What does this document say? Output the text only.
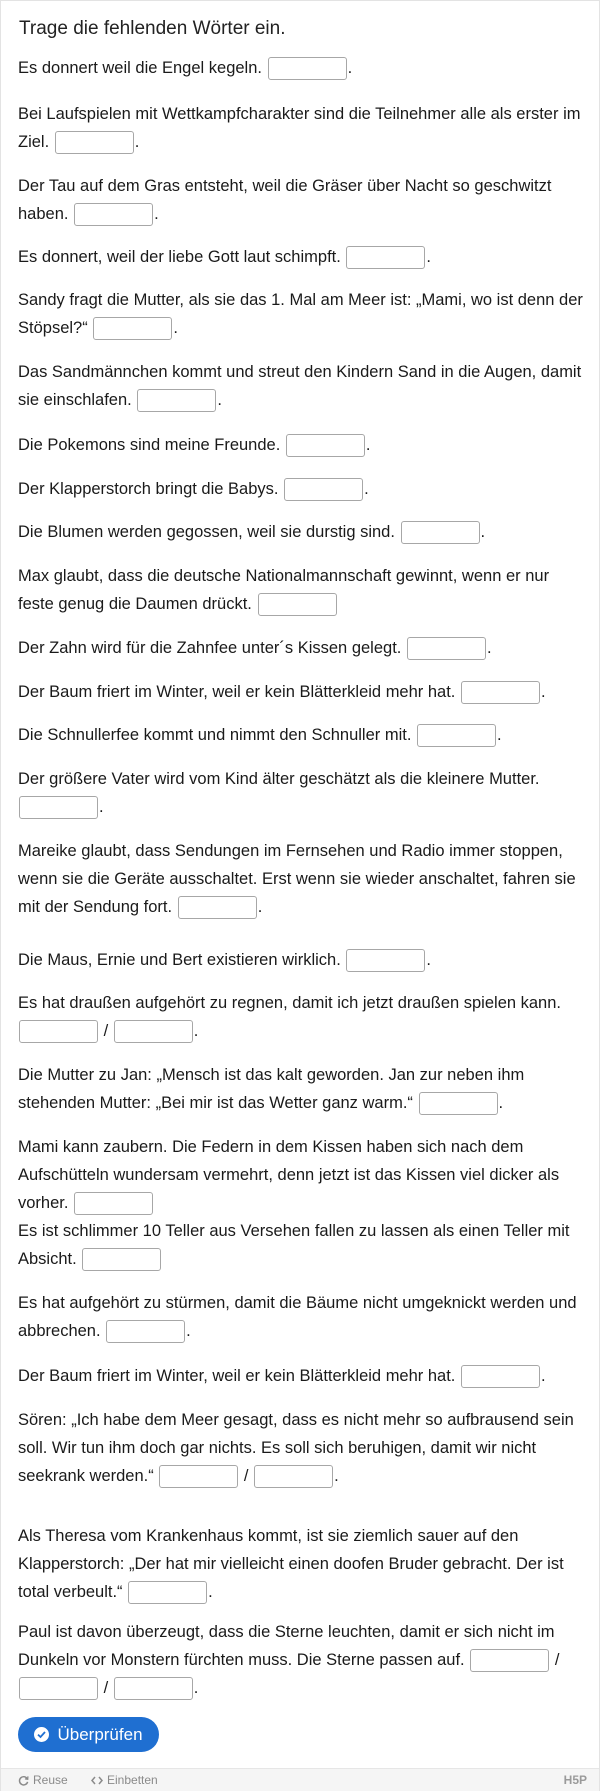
Trage die fehlenden Wörter ein.
Es donnert weil die Engel kegeln.	.
Bei Laufspielen mit Wettkampfcharakter sind die Teilnehmer alle als erster im Ziel.	.
Der Tau auf dem Gras entsteht, weil die Gräser über Nacht so geschwitzt haben.	.
Es donnert, weil der liebe Gott laut schimpft.	.
Sandy fragt die Mutter, als sie das 1. Mal am Meer ist: „Mami, wo ist denn der Stöpsel?“	.
Das Sandmännchen kommt und streut den Kindern Sand in die Augen, damit sie einschlafen.	.
Die Pokemons sind meine Freunde.	.
Der Klapperstorch bringt die Babys.	.
Die Blumen werden gegossen, weil sie durstig sind.	.
Max glaubt, dass die deutsche Nationalmannschaft gewinnt, wenn er nur feste genug die Daumen drückt.
Der Zahn wird für die Zahnfee unter´s Kissen gelegt.	.
Der Baum friert im Winter, weil er kein Blätterkleid mehr hat.	.
Die Schnullerfee kommt und nimmt den Schnuller mit.	.
Der größere Vater wird vom Kind älter geschätzt als die kleinere Mutter. .
Mareike glaubt, dass Sendungen im Fernsehen und Radio immer stoppen, wenn sie die Geräte ausschaltet. Erst wenn sie wieder anschaltet, fahren sie mit der Sendung fort.	.
Die Maus, Ernie und Bert existieren wirklich.	.
Es hat draußen aufgehört zu regnen, damit ich jetzt draußen spielen kann.  /	.
Die Mutter zu Jan: „Mensch ist das kalt geworden. Jan zur neben ihm stehenden Mutter: „Bei mir ist das Wetter ganz warm.“	.
Mami kann zaubern. Die Federn in dem Kissen haben sich nach dem Aufschütteln wundersam vermehrt, denn jetzt ist das Kissen viel dicker als vorher.
Es ist schlimmer 10 Teller aus Versehen fallen zu lassen als einen Teller mit Absicht.
Es hat aufgehört zu stürmen, damit die Bäume nicht umgeknickt werden und abbrechen.	.
Der Baum friert im Winter, weil er kein Blätterkleid mehr hat.	.
Sören: „Ich habe dem Meer gesagt, dass es nicht mehr so aufbrausend sein soll. Wir tun ihm doch gar nichts. Es soll sich beruhigen, damit wir nicht seekrank werden.“	/	.
Als Theresa vom Krankenhaus kommt, ist sie ziemlich sauer auf den Klapperstorch: „Der hat mir vielleicht einen doofen Bruder gebracht. Der ist total verbeult.“	.
Paul ist davon überzeugt, dass die Sterne leuchten, damit er sich nicht im Dunkeln vor Monstern fürchten muss. Die Sterne passen auf.	/  /	.
Überprüfen
Reuse	Einbetten	H5P
